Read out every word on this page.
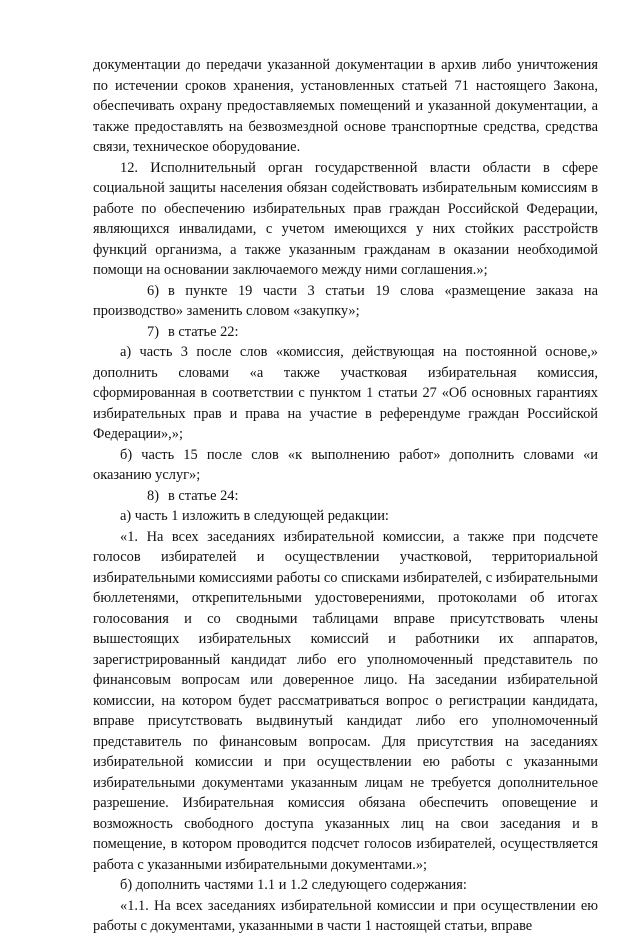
документации до передачи указанной документации в архив либо уничтожения по истечении сроков хранения, установленных статьей 71 настоящего Закона, обеспечивать охрану предоставляемых помещений и указанной документации, а также предоставлять на безвозмездной основе транспортные средства, средства связи, техническое оборудование.

12. Исполнительный орган государственной власти области в сфере социальной защиты населения обязан содействовать избирательным комиссиям в работе по обеспечению избирательных прав граждан Российской Федерации, являющихся инвалидами, с учетом имеющихся у них стойких расстройств функций организма, а также указанным гражданам в оказании необходимой помощи на основании заключаемого между ними соглашения.»;

6) в пункте 19 части 3 статьи 19 слова «размещение заказа на производство» заменить словом «закупку»;

7) в статье 22:

а) часть 3 после слов «комиссия, действующая на постоянной основе,» дополнить словами «а также участковая избирательная комиссия, сформированная в соответствии с пунктом 1 статьи 27 «Об основных гарантиях избирательных прав и права на участие в референдуме граждан Российской Федерации»,»;

б) часть 15 после слов «к выполнению работ» дополнить словами «и оказанию услуг»;

8) в статье 24:

а) часть 1 изложить в следующей редакции:

«1. На всех заседаниях избирательной комиссии, а также при подсчете голосов избирателей и осуществлении участковой, территориальной избирательными комиссиями работы со списками избирателей, с избирательными бюллетенями, открепительными удостоверениями, протоколами об итогах голосования и со сводными таблицами вправе присутствовать члены вышестоящих избирательных комиссий и работники их аппаратов, зарегистрированный кандидат либо его уполномоченный представитель по финансовым вопросам или доверенное лицо. На заседании избирательной комиссии, на котором будет рассматриваться вопрос о регистрации кандидата, вправе присутствовать выдвинутый кандидат либо его уполномоченный представитель по финансовым вопросам. Для присутствия на заседаниях избирательной комиссии и при осуществлении ею работы с указанными избирательными документами указанным лицам не требуется дополнительное разрешение. Избирательная комиссия обязана обеспечить оповещение и возможность свободного доступа указанных лиц на свои заседания и в помещение, в котором проводится подсчет голосов избирателей, осуществляется работа с указанными избирательными документами.»;

б) дополнить частями 1.1 и 1.2 следующего содержания:

«1.1. На всех заседаниях избирательной комиссии и при осуществлении ею работы с документами, указанными в части 1 настоящей статьи, вправе
